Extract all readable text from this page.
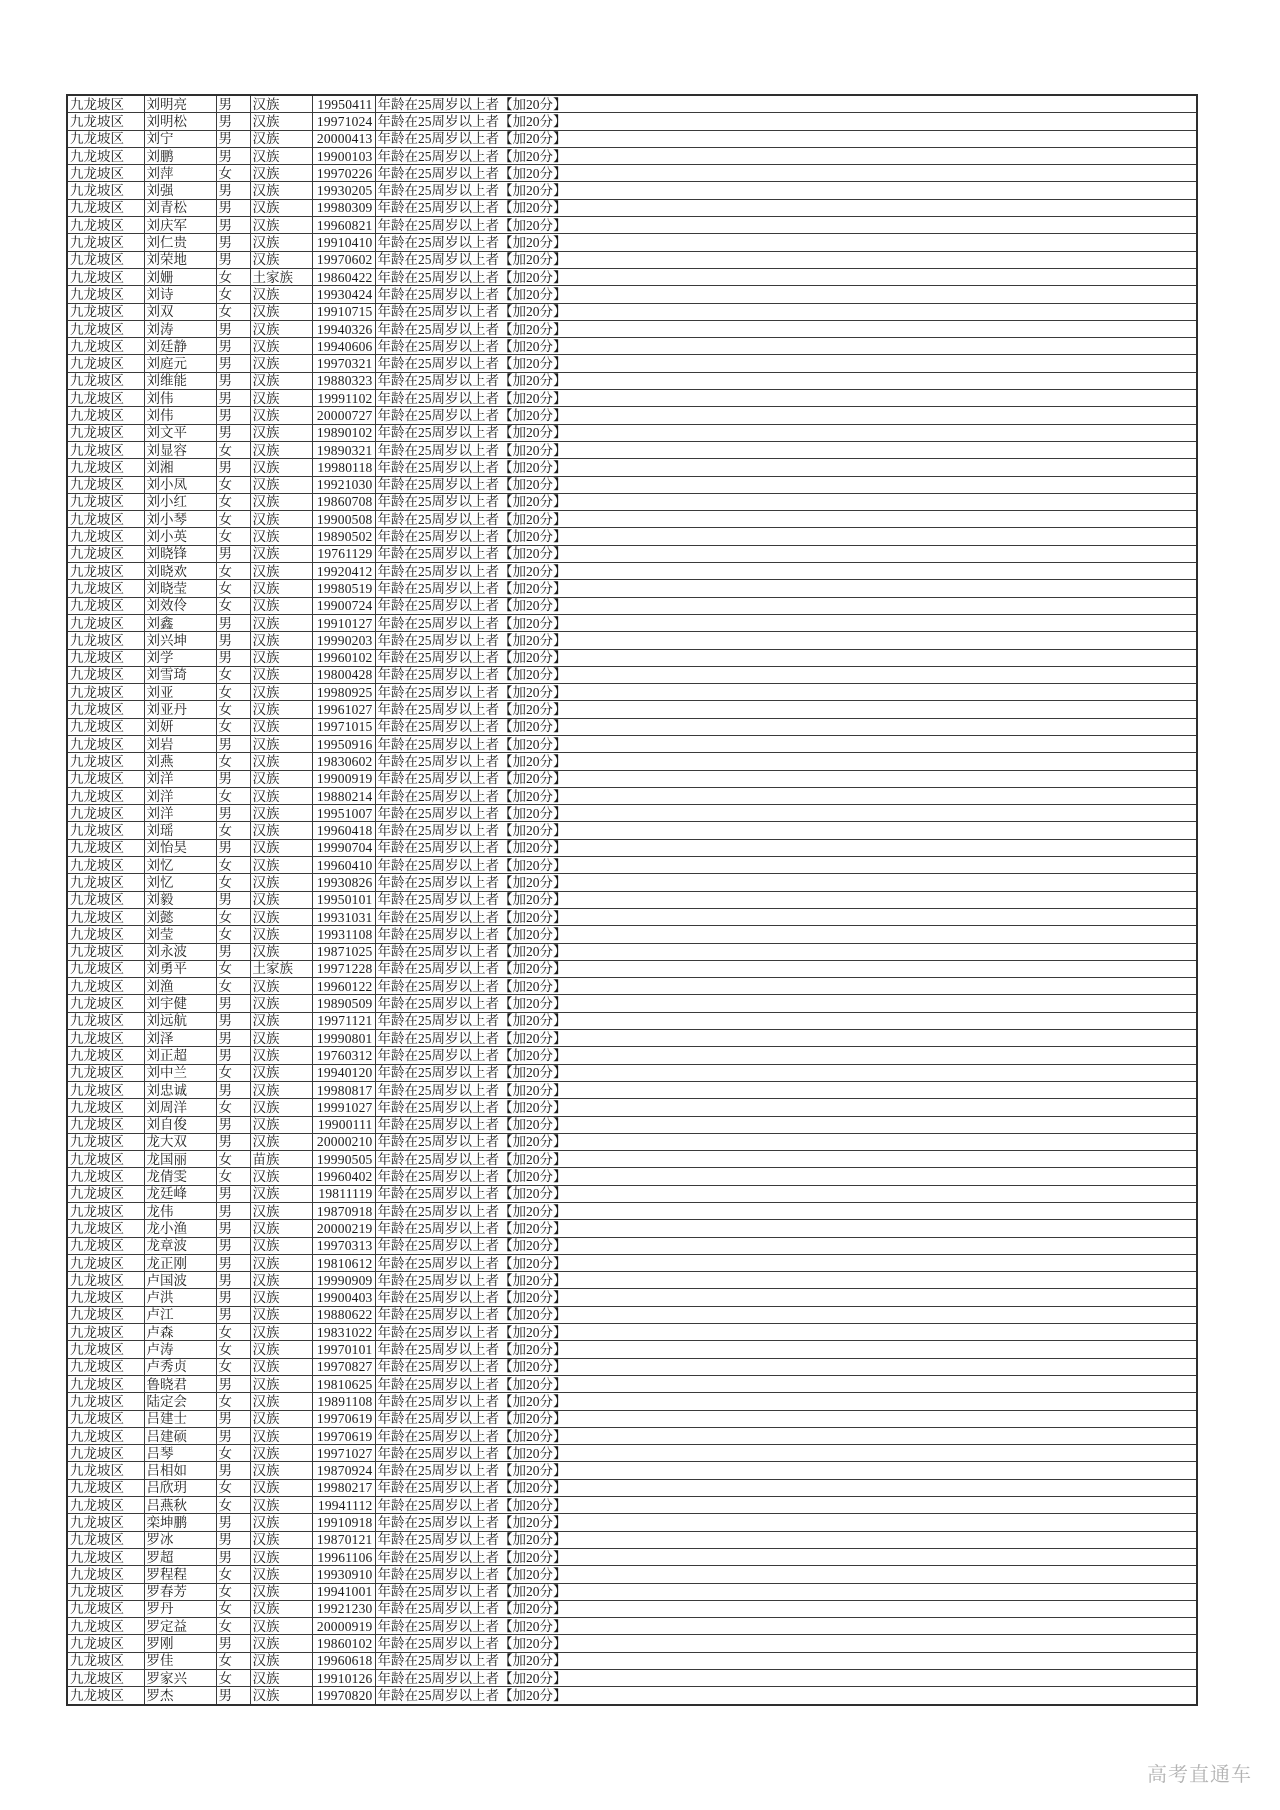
九龙坡区	刘明亮	男	汉族	19950411	年龄在25周岁以上者【加20分】
九龙坡区	刘明松	男	汉族	19971024	年龄在25周岁以上者【加20分】
九龙坡区	刘宁	男	汉族	20000413	年龄在25周岁以上者【加20分】
九龙坡区	刘鹏	男	汉族	19900103	年龄在25周岁以上者【加20分】
九龙坡区	刘萍	女	汉族	19970226	年龄在25周岁以上者【加20分】
九龙坡区	刘强	男	汉族	19930205	年龄在25周岁以上者【加20分】
九龙坡区	刘青松	男	汉族	19980309	年龄在25周岁以上者【加20分】
九龙坡区	刘庆军	男	汉族	19960821	年龄在25周岁以上者【加20分】
九龙坡区	刘仁贵	男	汉族	19910410	年龄在25周岁以上者【加20分】
九龙坡区	刘荣地	男	汉族	19970602	年龄在25周岁以上者【加20分】
九龙坡区	刘姗	女	土家族	19860422	年龄在25周岁以上者【加20分】
九龙坡区	刘诗	女	汉族	19930424	年龄在25周岁以上者【加20分】
九龙坡区	刘双	女	汉族	19910715	年龄在25周岁以上者【加20分】
九龙坡区	刘涛	男	汉族	19940326	年龄在25周岁以上者【加20分】
九龙坡区	刘廷静	男	汉族	19940606	年龄在25周岁以上者【加20分】
九龙坡区	刘庭元	男	汉族	19970321	年龄在25周岁以上者【加20分】
九龙坡区	刘维能	男	汉族	19880323	年龄在25周岁以上者【加20分】
九龙坡区	刘伟	男	汉族	19991102	年龄在25周岁以上者【加20分】
九龙坡区	刘伟	男	汉族	20000727	年龄在25周岁以上者【加20分】
九龙坡区	刘文平	男	汉族	19890102	年龄在25周岁以上者【加20分】
九龙坡区	刘显容	女	汉族	19890321	年龄在25周岁以上者【加20分】
九龙坡区	刘湘	男	汉族	19980118	年龄在25周岁以上者【加20分】
九龙坡区	刘小凤	女	汉族	19921030	年龄在25周岁以上者【加20分】
九龙坡区	刘小红	女	汉族	19860708	年龄在25周岁以上者【加20分】
九龙坡区	刘小琴	女	汉族	19900508	年龄在25周岁以上者【加20分】
九龙坡区	刘小英	女	汉族	19890502	年龄在25周岁以上者【加20分】
九龙坡区	刘晓锋	男	汉族	19761129	年龄在25周岁以上者【加20分】
九龙坡区	刘晓欢	女	汉族	19920412	年龄在25周岁以上者【加20分】
九龙坡区	刘晓莹	女	汉族	19980519	年龄在25周岁以上者【加20分】
九龙坡区	刘效伶	女	汉族	19900724	年龄在25周岁以上者【加20分】
九龙坡区	刘鑫	男	汉族	19910127	年龄在25周岁以上者【加20分】
九龙坡区	刘兴坤	男	汉族	19990203	年龄在25周岁以上者【加20分】
九龙坡区	刘学	男	汉族	19960102	年龄在25周岁以上者【加20分】
九龙坡区	刘雪琦	女	汉族	19800428	年龄在25周岁以上者【加20分】
九龙坡区	刘亚	女	汉族	19980925	年龄在25周岁以上者【加20分】
九龙坡区	刘亚丹	女	汉族	19961027	年龄在25周岁以上者【加20分】
九龙坡区	刘妍	女	汉族	19971015	年龄在25周岁以上者【加20分】
九龙坡区	刘岩	男	汉族	19950916	年龄在25周岁以上者【加20分】
九龙坡区	刘燕	女	汉族	19830602	年龄在25周岁以上者【加20分】
九龙坡区	刘洋	男	汉族	19900919	年龄在25周岁以上者【加20分】
九龙坡区	刘洋	女	汉族	19880214	年龄在25周岁以上者【加20分】
九龙坡区	刘洋	男	汉族	19951007	年龄在25周岁以上者【加20分】
九龙坡区	刘瑶	女	汉族	19960418	年龄在25周岁以上者【加20分】
九龙坡区	刘怡昊	男	汉族	19990704	年龄在25周岁以上者【加20分】
九龙坡区	刘忆	女	汉族	19960410	年龄在25周岁以上者【加20分】
九龙坡区	刘忆	女	汉族	19930826	年龄在25周岁以上者【加20分】
九龙坡区	刘毅	男	汉族	19950101	年龄在25周岁以上者【加20分】
九龙坡区	刘懿	女	汉族	19931031	年龄在25周岁以上者【加20分】
九龙坡区	刘莹	女	汉族	19931108	年龄在25周岁以上者【加20分】
九龙坡区	刘永波	男	汉族	19871025	年龄在25周岁以上者【加20分】
九龙坡区	刘勇平	女	土家族	19971228	年龄在25周岁以上者【加20分】
九龙坡区	刘渔	女	汉族	19960122	年龄在25周岁以上者【加20分】
九龙坡区	刘宇健	男	汉族	19890509	年龄在25周岁以上者【加20分】
九龙坡区	刘远航	男	汉族	19971121	年龄在25周岁以上者【加20分】
九龙坡区	刘泽	男	汉族	19990801	年龄在25周岁以上者【加20分】
九龙坡区	刘正超	男	汉族	19760312	年龄在25周岁以上者【加20分】
九龙坡区	刘中兰	女	汉族	19940120	年龄在25周岁以上者【加20分】
九龙坡区	刘忠诚	男	汉族	19980817	年龄在25周岁以上者【加20分】
九龙坡区	刘周洋	女	汉族	19991027	年龄在25周岁以上者【加20分】
九龙坡区	刘自俊	男	汉族	19900111	年龄在25周岁以上者【加20分】
九龙坡区	龙大双	男	汉族	20000210	年龄在25周岁以上者【加20分】
九龙坡区	龙国丽	女	苗族	19990505	年龄在25周岁以上者【加20分】
九龙坡区	龙倩雯	女	汉族	19960402	年龄在25周岁以上者【加20分】
九龙坡区	龙廷峰	男	汉族	19811119	年龄在25周岁以上者【加20分】
九龙坡区	龙伟	男	汉族	19870918	年龄在25周岁以上者【加20分】
九龙坡区	龙小渔	男	汉族	20000219	年龄在25周岁以上者【加20分】
九龙坡区	龙章波	男	汉族	19970313	年龄在25周岁以上者【加20分】
九龙坡区	龙正刚	男	汉族	19810612	年龄在25周岁以上者【加20分】
九龙坡区	卢国波	男	汉族	19990909	年龄在25周岁以上者【加20分】
九龙坡区	卢洪	男	汉族	19900403	年龄在25周岁以上者【加20分】
九龙坡区	卢江	男	汉族	19880622	年龄在25周岁以上者【加20分】
九龙坡区	卢森	女	汉族	19831022	年龄在25周岁以上者【加20分】
九龙坡区	卢涛	女	汉族	19970101	年龄在25周岁以上者【加20分】
九龙坡区	卢秀贞	女	汉族	19970827	年龄在25周岁以上者【加20分】
九龙坡区	鲁晓君	男	汉族	19810625	年龄在25周岁以上者【加20分】
九龙坡区	陆定会	女	汉族	19891108	年龄在25周岁以上者【加20分】
九龙坡区	吕建士	男	汉族	19970619	年龄在25周岁以上者【加20分】
九龙坡区	吕建硕	男	汉族	19970619	年龄在25周岁以上者【加20分】
九龙坡区	吕琴	女	汉族	19971027	年龄在25周岁以上者【加20分】
九龙坡区	吕相如	男	汉族	19870924	年龄在25周岁以上者【加20分】
九龙坡区	吕欣玥	女	汉族	19980217	年龄在25周岁以上者【加20分】
九龙坡区	吕燕秋	女	汉族	19941112	年龄在25周岁以上者【加20分】
九龙坡区	栾坤鹏	男	汉族	19910918	年龄在25周岁以上者【加20分】
九龙坡区	罗冰	男	汉族	19870121	年龄在25周岁以上者【加20分】
九龙坡区	罗超	男	汉族	19961106	年龄在25周岁以上者【加20分】
九龙坡区	罗程程	女	汉族	19930910	年龄在25周岁以上者【加20分】
九龙坡区	罗春芳	女	汉族	19941001	年龄在25周岁以上者【加20分】
九龙坡区	罗丹	女	汉族	19921230	年龄在25周岁以上者【加20分】
九龙坡区	罗定益	女	汉族	20000919	年龄在25周岁以上者【加20分】
九龙坡区	罗刚	男	汉族	19860102	年龄在25周岁以上者【加20分】
九龙坡区	罗佳	女	汉族	19960618	年龄在25周岁以上者【加20分】
九龙坡区	罗家兴	女	汉族	19910126	年龄在25周岁以上者【加20分】
九龙坡区	罗杰	男	汉族	19970820	年龄在25周岁以上者【加20分】
高考直通车
